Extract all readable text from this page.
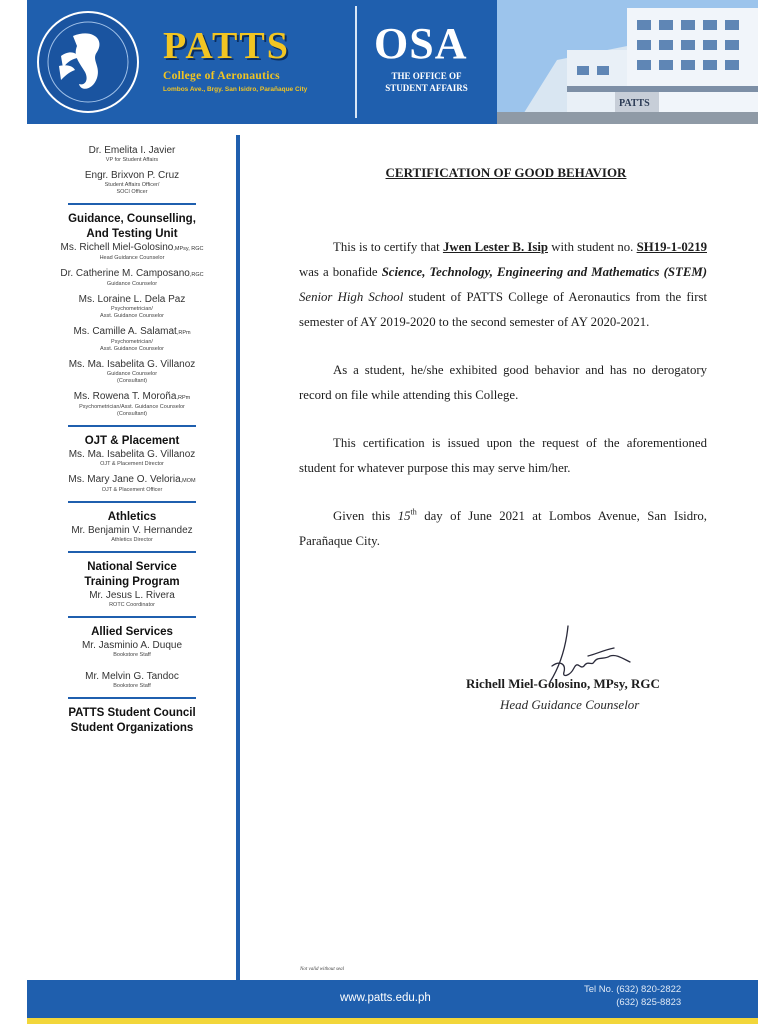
PATTS
College of Aeronautics
Lombos Ave., Brgy. San Isidro, Parañaque City
OSA
THE OFFICE OF
STUDENT AFFAIRS
PATTS
Dr. Emelita I. Javier
VP for Student Affairs
Engr. Brixvon P. Cruz
Student Affairs Officer/
SOCI Officer
Guidance, Counselling,
And Testing Unit
Ms. Richell Miel-Golosino,MPsy, RGC
Head Guidance Counselor
Dr. Catherine M. Camposano,RGC
Guidance Counselor
Ms. Loraine L. Dela Paz
Psychometrician/
Asst. Guidance Counselor
Ms. Camille A. Salamat,RPm
Psychometrician/
Asst. Guidance Counselor
Ms. Ma. Isabelita G. Villanoz
Guidance Counselor
(Consultant)
Ms. Rowena T. Moroña,RPm
Psychometrician/Asst. Guidance Counselor
(Consultant)
OJT & Placement
Ms. Ma. Isabelita G. Villanoz
OJT & Placement Director
Ms. Mary Jane O. Veloria,MOM
OJT & Placement Officer
Athletics
Mr. Benjamin V. Hernandez
Athletics Director
National Service
Training Program
Mr. Jesus L. Rivera
ROTC Coordinator
Allied Services
Mr. Jasminio A. Duque
Bookstore Staff
Mr. Melvin G. Tandoc
Bookstore Staff
PATTS Student Council
Student Organizations
CERTIFICATION OF GOOD BEHAVIOR

This is to certify that Jwen Lester B. Isip with student no. SH19-1-0219 was a bonafide Science, Technology, Engineering and Mathematics (STEM) Senior High School student of PATTS College of Aeronautics from the first semester of AY 2019-2020 to the second semester of AY 2020-2021.

As a student, he/she exhibited good behavior and has no derogatory record on file while attending this College.

This certification is issued upon the request of the aforementioned student for whatever purpose this may serve him/her.

Given this 15th day of June 2021 at Lombos Avenue, San Isidro, Parañaque City.

Richell Miel-Golosino, MPsy, RGC
Head Guidance Counselor
Not valid without seal
www.patts.edu.ph
Tel No. (632) 820-2822
(632) 825-8823
